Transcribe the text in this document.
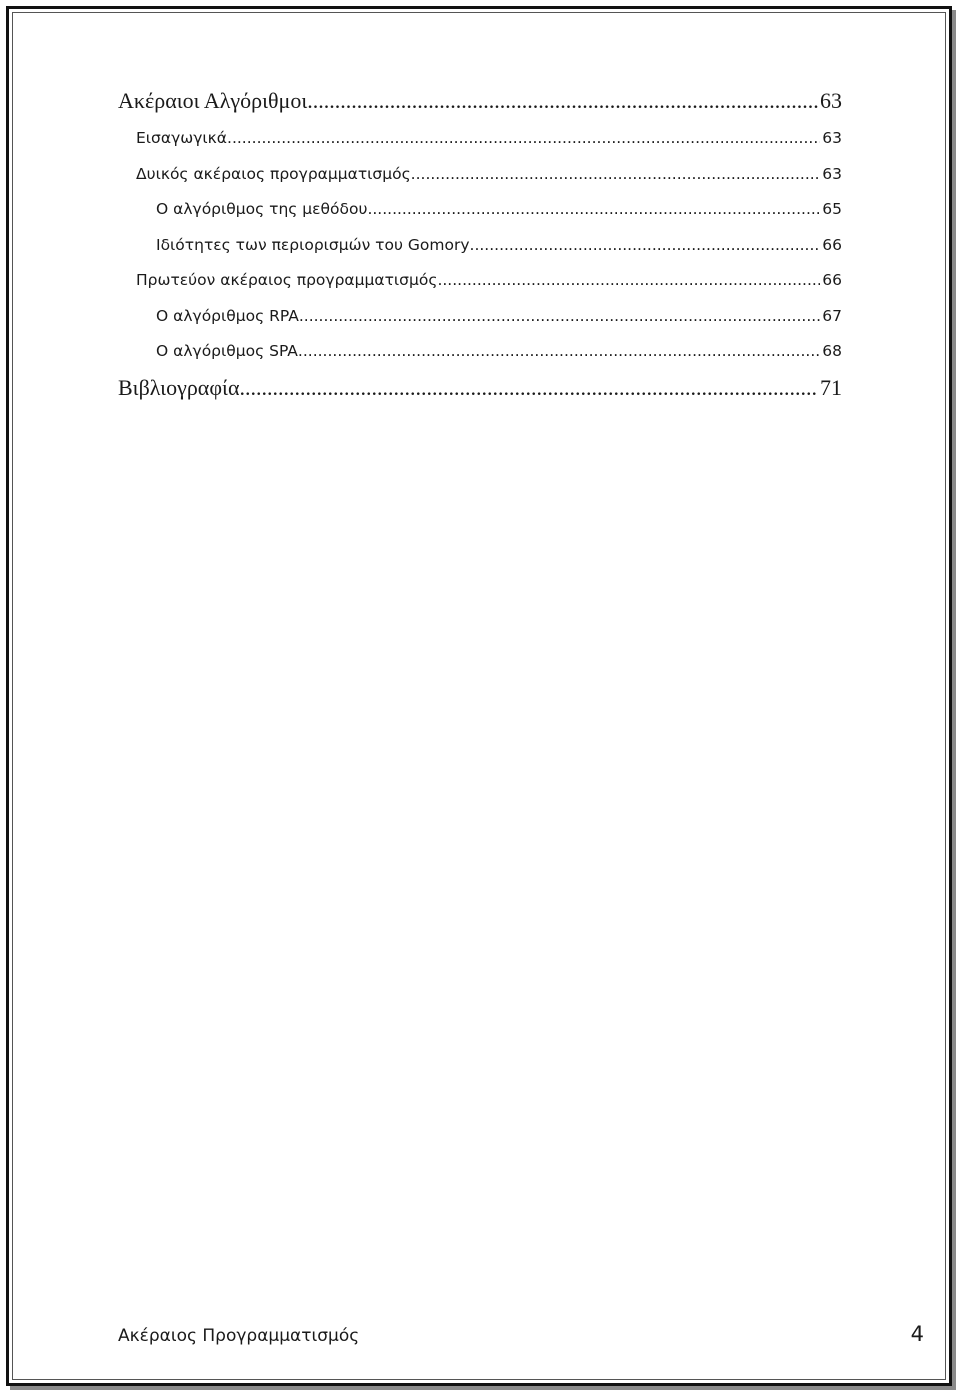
Ακέραιοι Αλγόριθμοι .....	63
Εισαγωγικά .....	63
Δυικός ακέραιος προγραμματισμός .....	63
Ο αλγόριθμος της μεθόδου .....	65
Ιδιότητες των περιορισμών του Gomory .....	66
Πρωτεύον ακέραιος προγραμματισμός .....	66
Ο αλγόριθμος RPA .....	67
Ο αλγόριθμος SPA .....	68
Βιβλιογραφία .....	71
Ακέραιος Προγραμματισμός	4
